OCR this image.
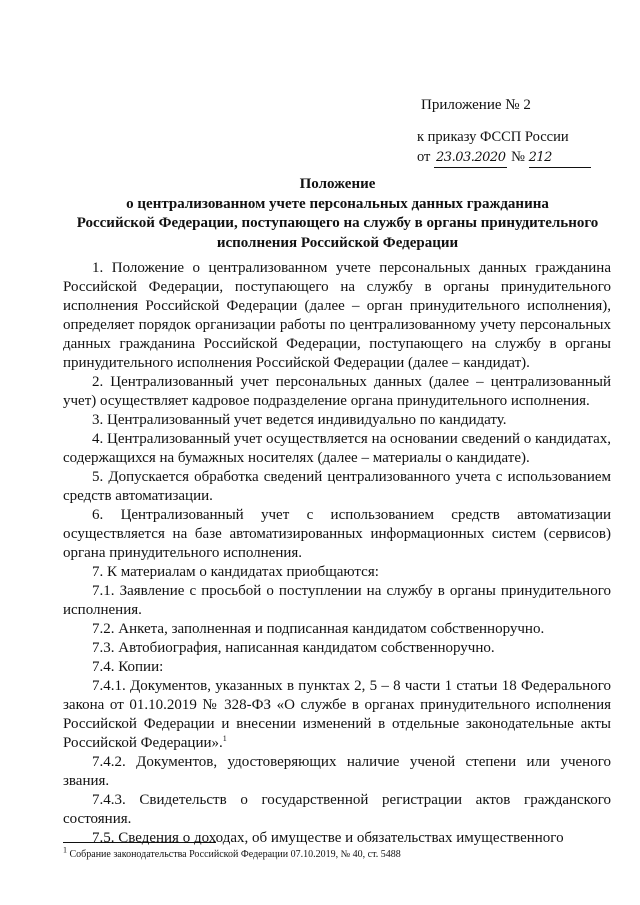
Приложение № 2
к приказу ФССП России
от 23.03.2020 № 212
Положение
о централизованном учете персональных данных гражданина
Российской Федерации, поступающего на службу в органы принудительного
исполнения Российской Федерации

1. Положение о централизованном учете персональных данных гражданина Российской Федерации, поступающего на службу в органы принудительного исполнения Российской Федерации (далее – орган принудительного исполнения), определяет порядок организации работы по централизованному учету персональных данных гражданина Российской Федерации, поступающего на службу в органы принудительного исполнения Российской Федерации (далее – кандидат).

2. Централизованный учет персональных данных (далее – централизованный учет) осуществляет кадровое подразделение органа принудительного исполнения.

3. Централизованный учет ведется индивидуально по кандидату.

4. Централизованный учет осуществляется на основании сведений о кандидатах, содержащихся на бумажных носителях (далее – материалы о кандидате).

5. Допускается обработка сведений централизованного учета с использованием средств автоматизации.

6. Централизованный учет с использованием средств автоматизации осуществляется на базе автоматизированных информационных систем (сервисов) органа принудительного исполнения.

7. К материалам о кандидатах приобщаются:

7.1. Заявление с просьбой о поступлении на службу в органы принудительного исполнения.

7.2. Анкета, заполненная и подписанная кандидатом собственноручно.

7.3. Автобиография, написанная кандидатом собственноручно.

7.4. Копии:

7.4.1. Документов, указанных в пунктах 2, 5 – 8 части 1 статьи 18 Федерального закона от 01.10.2019 № 328-ФЗ «О службе в органах принудительного исполнения Российской Федерации и внесении изменений в отдельные законодательные акты Российской Федерации».$^1$

7.4.2. Документов, удостоверяющих наличие ученой степени или ученого звания.

7.4.3. Свидетельств о государственной регистрации актов гражданского состояния.

7.5. Сведения о доходах, об имуществе и обязательствах имущественного

$^1$ Собрание законодательства Российской Федерации 07.10.2019, № 40, ст. 5488
